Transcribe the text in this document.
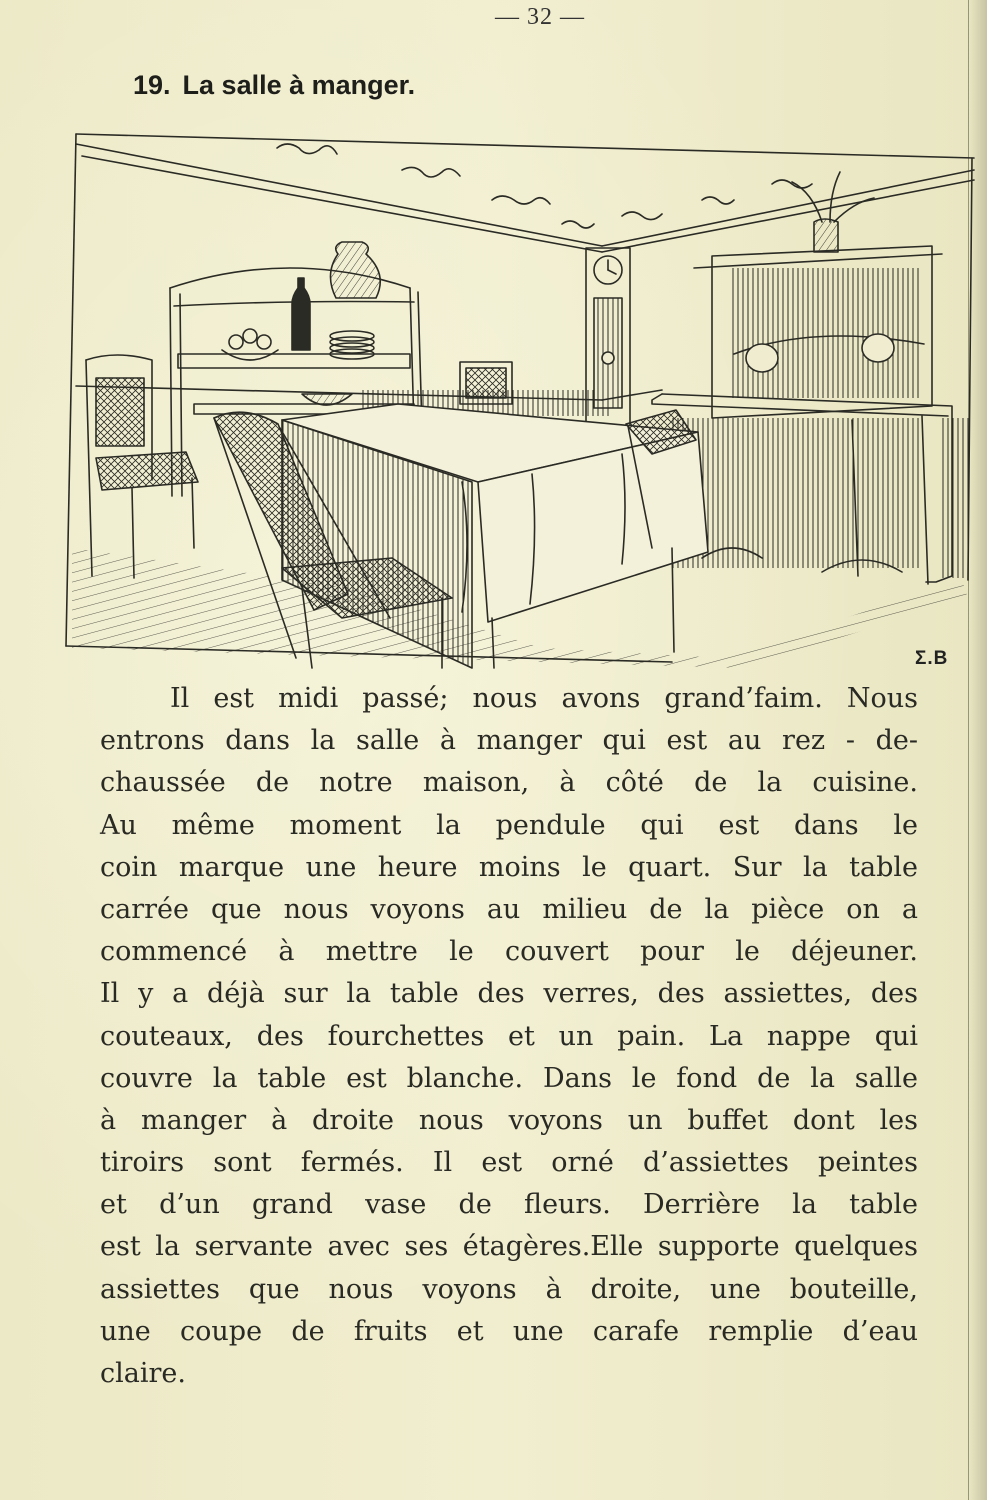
— 32 —
19. La salle à manger.
Σ.B
Il est midi passé; nous avons grand’faim. Nous
entrons dans la salle à manger qui est au rez - de-
chaussée de notre maison, à côté de la cuisine.
Au même moment la pendule qui est dans le
coin marque une heure moins le quart. Sur la table
carrée que nous voyons au milieu de la pièce on a
commencé à mettre le couvert pour le déjeuner.
Il y a déjà sur la table des verres, des assiettes, des
couteaux, des fourchettes et un pain. La nappe qui
couvre la table est blanche. Dans le fond de la salle
à manger à droite nous voyons un buffet dont les
tiroirs sont fermés. Il est orné d’assiettes peintes
et d’un grand vase de fleurs. Derrière la table
est la servante avec ses étagères.Elle supporte quelques
assiettes que nous voyons à droite, une bouteille,
une coupe de fruits et une carafe remplie d’eau
claire.
